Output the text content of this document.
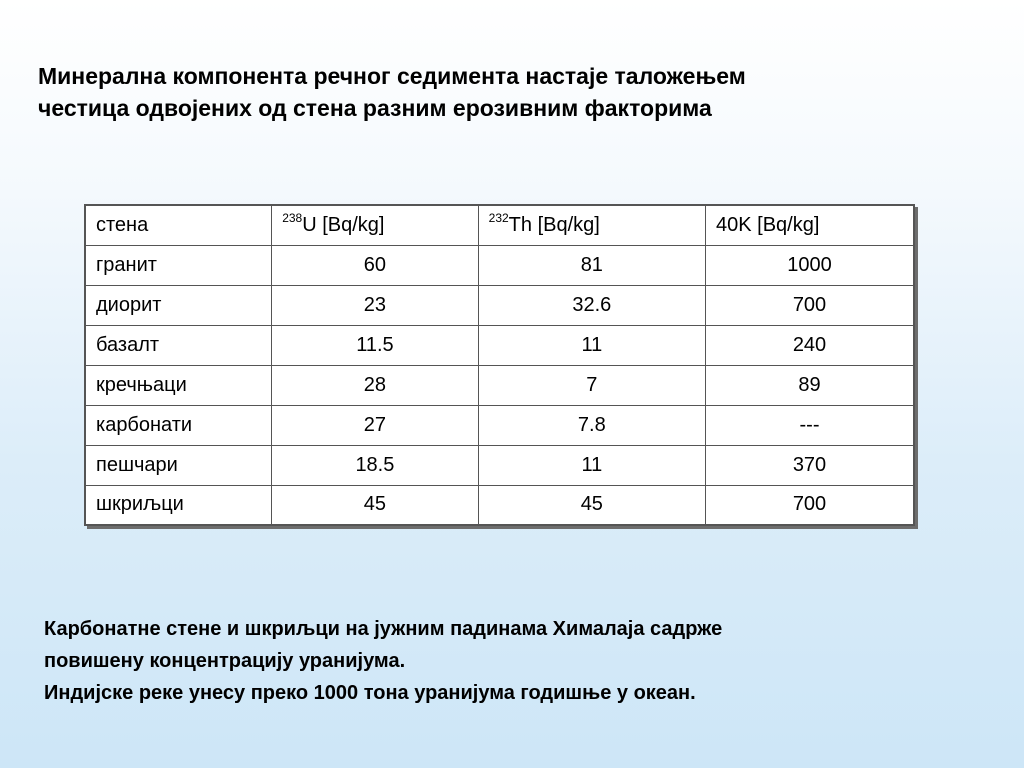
Минерална компонента речног седимента настаје таложењем
честица одвојених од стена разним ерозивним факторима
стена	$^{238}$U [Bq/kg]	$^{232}$Th [Bq/kg]	40K [Bq/kg]
гранит	60	81	1000
диорит	23	32.6	700
базалт	11.5	11	240
кречњаци	28	7	89
карбонати	27	7.8	---
пешчари	18.5	11	370
шкриљци	45	45	700
Карбонатне стене и шкриљци на јужним падинама Хималаја садрже
повишену концентрацију уранијума.
Индијске реке унесу преко 1000 тона уранијума годишње у океан.
